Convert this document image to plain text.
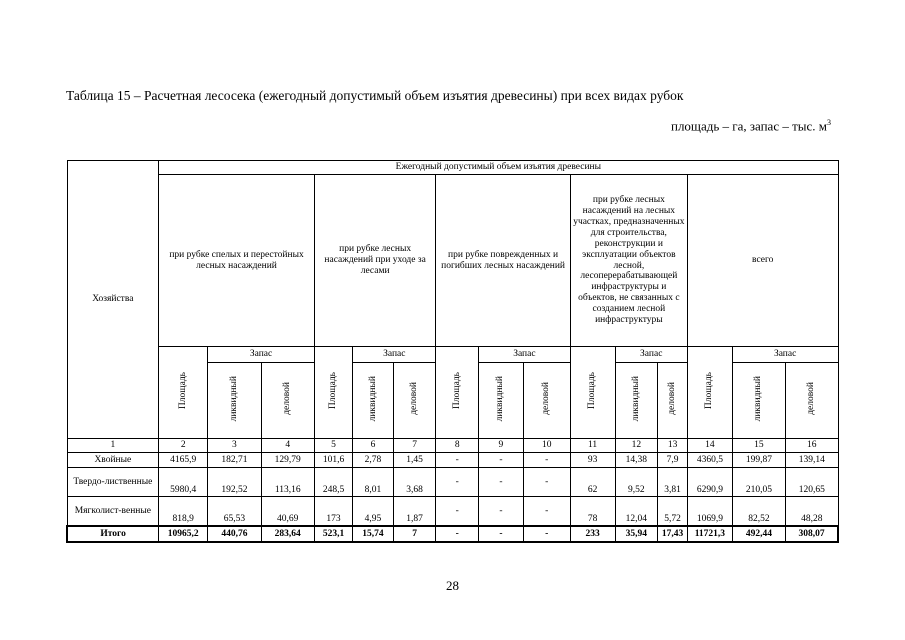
Таблица 15 – Расчетная лесосека (ежегодный допустимый объем изъятия древесины) при всех видах рубок
площадь – га, запас – тыс. $м^3$
Хозяйства	Ежегодный допустимый объем изъятия древесины														
	при рубке спелых и перестойных лесных насаждений			при рубке лесных насаждений при уходе за лесами			при рубке поврежденных и погибших лесных насаждений			при рубке лесных насаждений на лесных участках, предназначенных для строительства, реконструкции и эксплуатации объектов лесной, лесоперерабатывающей инфраструктуры и объектов, не связанных с созданием лесной инфраструктуры			всего		
	Площадь	Запас		Площадь	Запас		Площадь	Запас		Площадь	Запас		Площадь	Запас	
		ликвидный	деловой		ликвидный	деловой		ликвидный	деловой		ликвидный	деловой		ликвидный	деловой
1	2	3	4	5	6	7	8	9	10	11	12	13	14	15	16
Хвойные	4165,9	182,71	129,79	101,6	2,78	1,45	-	-	-	93	14,38	7,9	4360,5	199,87	139,14
Твердо-лиственные	5980,4	192,52	113,16	248,5	8,01	3,68	-	-	-	62	9,52	3,81	6290,9	210,05	120,65
Мягколист-венные	818,9	65,53	40,69	173	4,95	1,87	-	-	-	78	12,04	5,72	1069,9	82,52	48,28
Итого	10965,2	440,76	283,64	523,1	15,74	7	-	-	-	233	35,94	17,43	11721,3	492,44	308,07
28
